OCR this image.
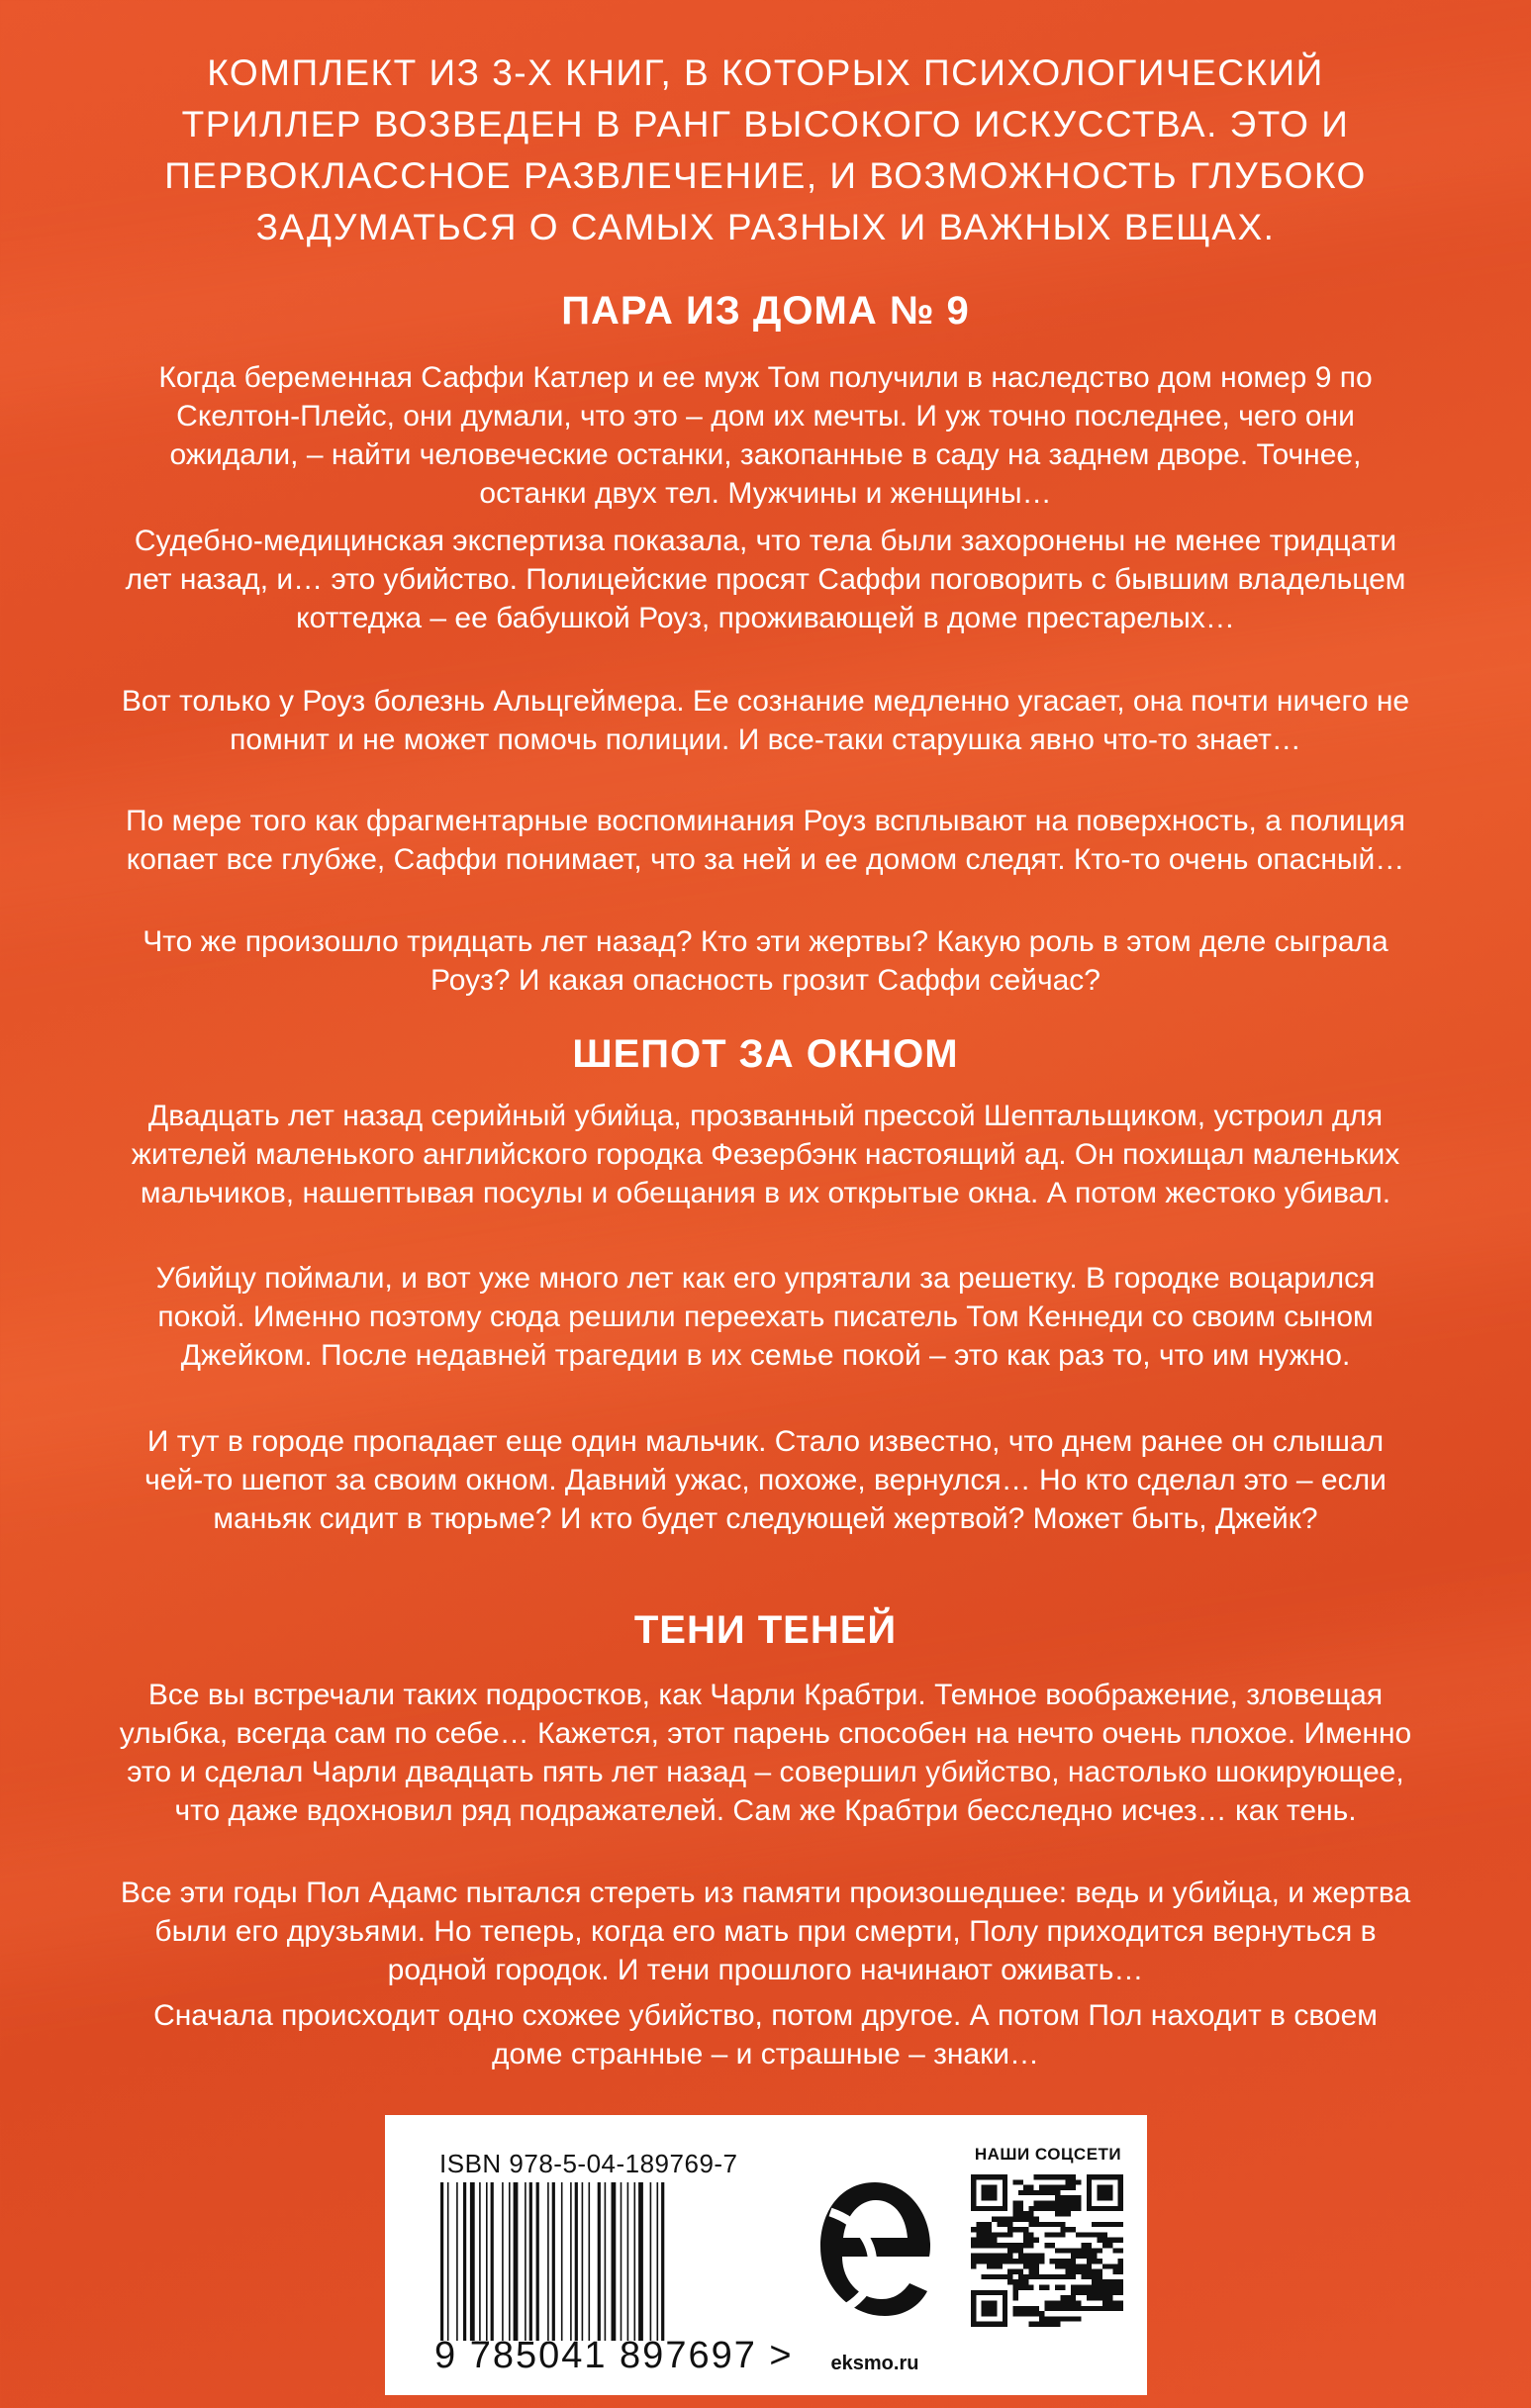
КОМПЛЕКТ ИЗ 3-Х КНИГ, В КОТОРЫХ ПСИХОЛОГИЧЕСКИЙ ТРИЛЛЕР ВОЗВЕДЕН В РАНГ ВЫСОКОГО ИСКУССТВА. ЭТО И ПЕРВОКЛАССНОЕ РАЗВЛЕЧЕНИЕ, И ВОЗМОЖНОСТЬ ГЛУБОКО ЗАДУМАТЬСЯ О САМЫХ РАЗНЫХ И ВАЖНЫХ ВЕЩАХ.
ПАРА ИЗ ДОМА № 9
Когда беременная Саффи Катлер и ее муж Том получили в наследство дом номер 9 по Скелтон-Плейс, они думали, что это – дом их мечты. И уж точно последнее, чего они ожидали, – найти человеческие останки, закопанные в саду на заднем дворе. Точнее, останки двух тел. Мужчины и женщины…
Судебно-медицинская экспертиза показала, что тела были захоронены не менее тридцати лет назад, и… это убийство. Полицейские просят Саффи поговорить с бывшим владельцем коттеджа – ее бабушкой Роуз, проживающей в доме престарелых…
Вот только у Роуз болезнь Альцгеймера. Ее сознание медленно угасает, она почти ничего не помнит и не может помочь полиции. И все-таки старушка явно что-то знает…
По мере того как фрагментарные воспоминания Роуз всплывают на поверхность, а полиция копает все глубже, Саффи понимает, что за ней и ее домом следят. Кто-то очень опасный…
Что же произошло тридцать лет назад? Кто эти жертвы? Какую роль в этом деле сыграла Роуз? И какая опасность грозит Саффи сейчас?
ШЕПОТ ЗА ОКНОМ
Двадцать лет назад серийный убийца, прозванный прессой Шептальщиком, устроил для жителей маленького английского городка Фезербэнк настоящий ад. Он похищал маленьких мальчиков, нашептывая посулы и обещания в их открытые окна. А потом жестоко убивал.
Убийцу поймали, и вот уже много лет как его упрятали за решетку. В городке воцарился покой. Именно поэтому сюда решили переехать писатель Том Кеннеди со своим сыном Джейком. После недавней трагедии в их семье покой – это как раз то, что им нужно.
И тут в городе пропадает еще один мальчик. Стало известно, что днем ранее он слышал чей-то шепот за своим окном. Давний ужас, похоже, вернулся… Но кто сделал это – если маньяк сидит в тюрьме? И кто будет следующей жертвой? Может быть, Джейк?
ТЕНИ ТЕНЕЙ
Все вы встречали таких подростков, как Чарли Крабтри. Темное воображение, зловещая улыбка, всегда сам по себе… Кажется, этот парень способен на нечто очень плохое. Именно это и сделал Чарли двадцать пять лет назад – совершил убийство, настолько шокирующее, что даже вдохновил ряд подражателей. Сам же Крабтри бесследно исчез… как тень.
Все эти годы Пол Адамс пытался стереть из памяти произошедшее: ведь и убийца, и жертва были его друзьями. Но теперь, когда его мать при смерти, Полу приходится вернуться в родной городок. И тени прошлого начинают оживать…
Сначала происходит одно схожее убийство, потом другое. А потом Пол находит в своем доме странные – и страшные – знаки…
ISBN 978-5-04-189769-7
9 785041 897697 >	eksmo.ru
НАШИ СОЦСЕТИ
